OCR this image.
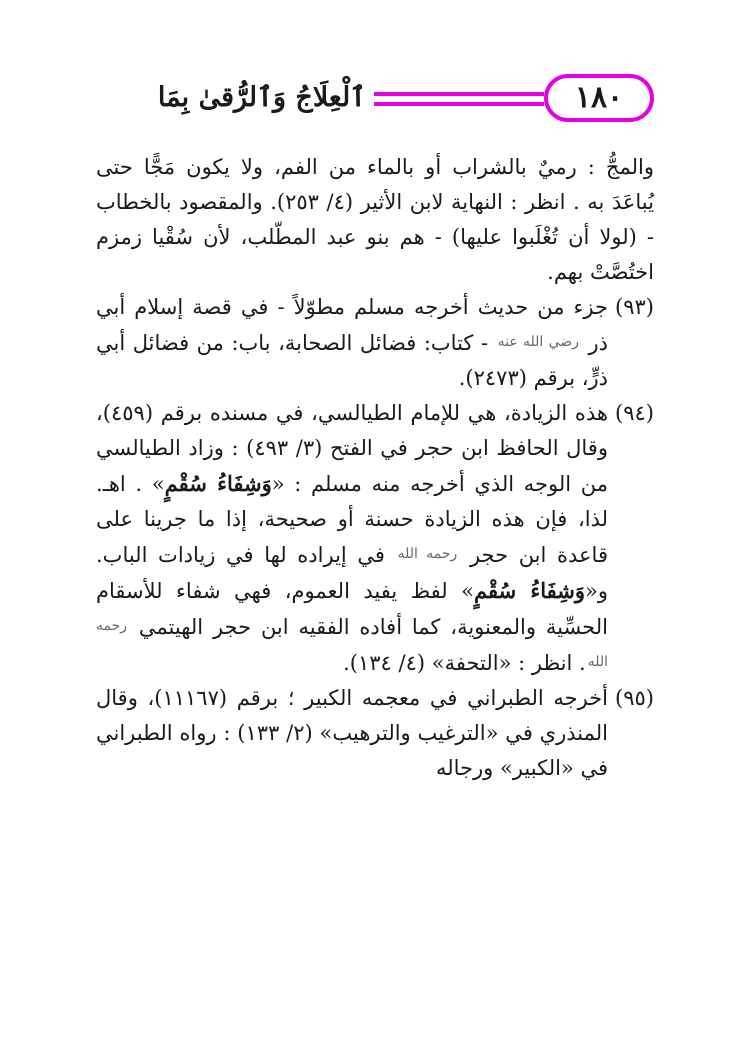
١٨٠
ٱلْعِلَاجُ وَٱلرُّقىٰ بِمَا

والمجُّ : رميٌ بالشراب أو بالماء من الفم، ولا يكون مَجًّا حتى يُباعَدَ به . انظر : النهاية لابن الأثير (٤/ ٢٥٣). والمقصود بالخطاب - (لولا أن تُغْلَبوا عليها) - هم بنو عبد المطّلب، لأن سُقْيا زمزم اختُصَّتْ بهم.

(٩٣)
جزء من حديث أخرجه مسلم مطوّلاً - في قصة إسلام أبي ذر رضي الله عنه - كتاب: فضائل الصحابة، باب: من فضائل أبي ذرٍّ، برقم (٢٤٧٣).
(٩٤)
هذه الزيادة، هي للإمام الطيالسي، في مسنده برقم (٤٥٩)، وقال الحافظ ابن حجر في الفتح (٣/ ٤٩٣) : وزاد الطيالسي من الوجه الذي أخرجه منه مسلم : «وَشِفَاءُ سُقْمٍ» . اهـ. لذا، فإن هذه الزيادة حسنة أو صحيحة، إذا ما جرينا على قاعدة ابن حجر رحمه الله في إيراده لها في زيادات الباب. و«وَشِفَاءُ سُقْمٍ» لفظ يفيد العموم، فهي شفاء للأسقام الحسِّية والمعنوية، كما أفاده الفقيه ابن حجر الهيتمي رحمه الله. انظر : «التحفة» (٤/ ١٣٤).
(٩٥)
أخرجه الطبراني في معجمه الكبير ؛ برقم (١١١٦٧)، وقال المنذري في «الترغيب والترهيب» (٢/ ١٣٣) : رواه الطبراني في «الكبير» ورجاله
